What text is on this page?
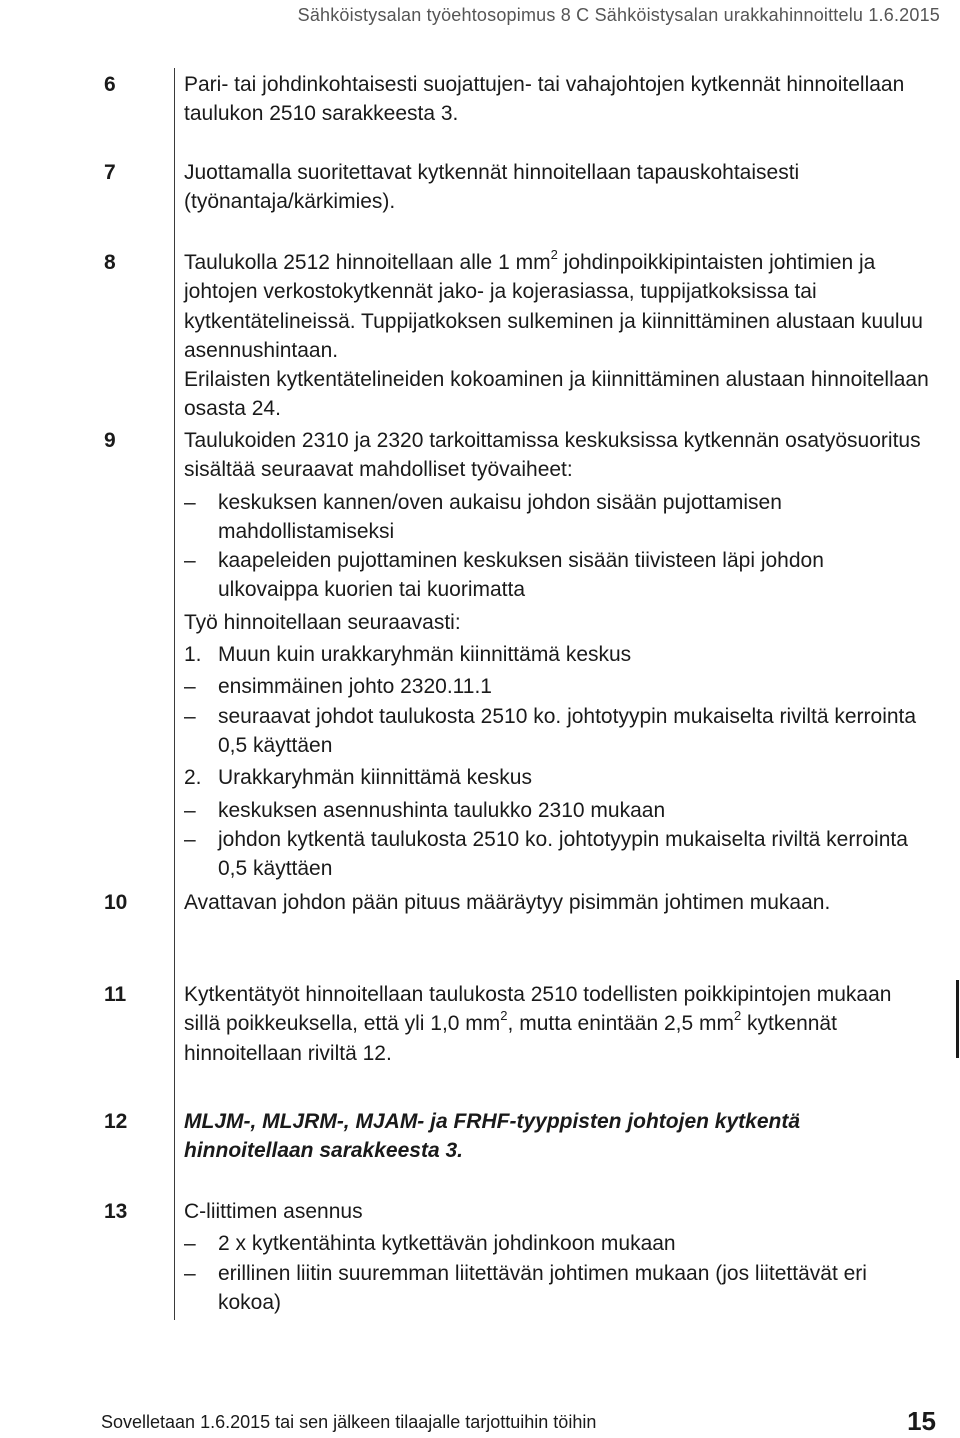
Sähköistysalan työehtosopimus 8 C Sähköistysalan urakkahinnoittelu 1.6.2015
6	Pari- tai johdinkohtaisesti suojattujen- tai vahajohtojen kytkennät hinnoitellaan taulukon 2510 sarakkeesta 3.

7	Juottamalla suoritettavat kytkennät hinnoitellaan tapauskohtaisesti (työnantaja/kärkimies).

8	Taulukolla 2512 hinnoitellaan alle 1 $mm^2$ johdinpoikkipintaisten johtimien ja johtojen verkostokytkennät jako- ja kojerasiassa, tuppijatkoksissa tai kytkentätelineissä. Tuppijatkoksen sulkeminen ja kiinnittäminen alustaan kuuluu asennushintaan.

Erilaisten kytkentätelineiden kokoaminen ja kiinnittäminen alustaan hinnoitellaan osasta 24.

9	Taulukoiden 2310 ja 2320 tarkoittamissa keskuksissa kytkennän osatyösuoritus sisältää seuraavat mahdolliset työvaiheet:

– keskuksen kannen/oven aukaisu johdon sisään pujottamisen mahdollistamiseksi
– kaapeleiden pujottaminen keskuksen sisään tiivisteen läpi johdon ulkovaippa kuorien tai kuorimatta

Työ hinnoitellaan seuraavasti:

1. Muun kuin urakkaryhmän kiinnittämä keskus
– ensimmäinen johto 2320.11.1
– seuraavat johdot taulukosta 2510 ko. johtotyypin mukaiselta riviltä kerrointa 0,5 käyttäen
2. Urakkaryhmän kiinnittämä keskus
– keskuksen asennushinta taulukko 2310 mukaan
– johdon kytkentä taulukosta 2510 ko. johtotyypin mukaiselta riviltä kerrointa 0,5 käyttäen
10	Avattavan johdon pään pituus määräytyy pisimmän johtimen mukaan.

11	Kytkentätyöt hinnoitellaan taulukosta 2510 todellisten poikkipintojen mukaan sillä poikkeuksella, että yli 1,0 $mm^2$, mutta enintään 2,5 $mm^2$ kytkennät hinnoitellaan riviltä 12.

12	MLJM-, MLJRM-, MJAM- ja FRHF-tyyppisten johtojen kytkentä hinnoitellaan sarakkeesta 3.

13	C-liittimen asennus

– 2 x kytkentähinta kytkettävän johdinkoon mukaan
– erillinen liitin suuremman liitettävän johtimen mukaan (jos liitettävät eri kokoa)
Sovelletaan 1.6.2015 tai sen jälkeen tilaajalle tarjottuihin töihin	15
